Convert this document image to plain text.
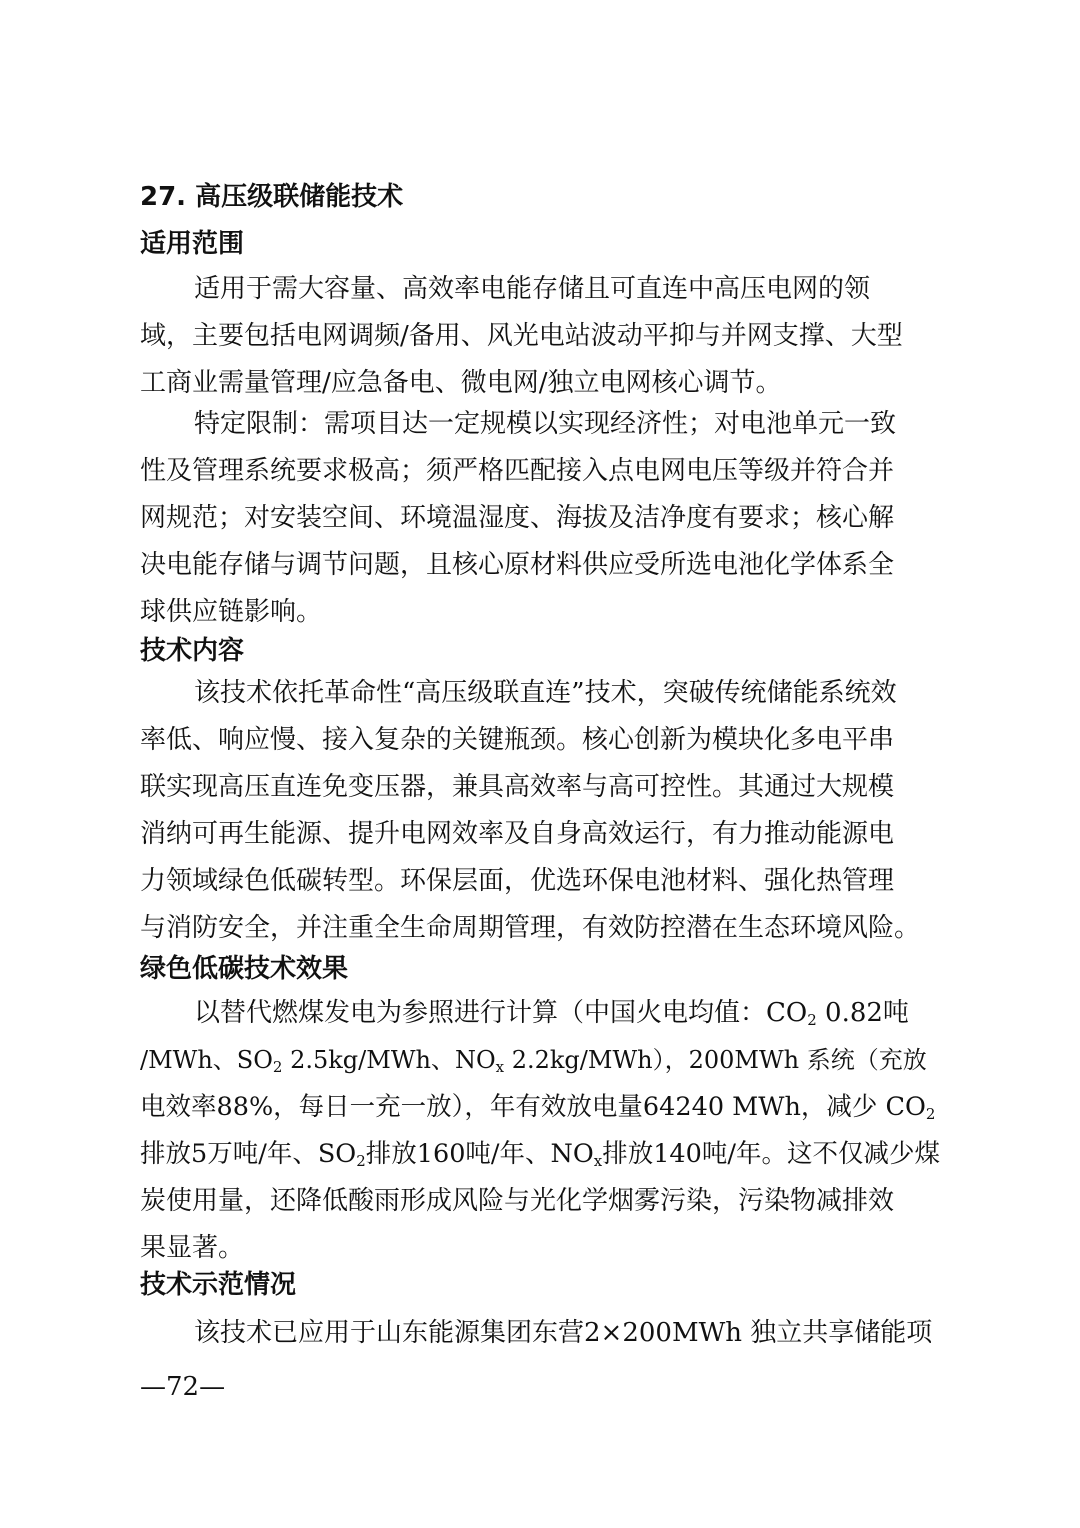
27. 高压级联储能技术
适用范围
适用于需大容量、高效率电能存储且可直连中高压电网的领
域，主要包括电网调频/备用、风光电站波动平抑与并网支撑、大型
工商业需量管理/应急备电、微电网/独立电网核心调节。
特定限制：需项目达一定规模以实现经济性；对电池单元一致
性及管理系统要求极高；须严格匹配接入点电网电压等级并符合并
网规范；对安装空间、环境温湿度、海拔及洁净度有要求；核心解
决电能存储与调节问题，且核心原材料供应受所选电池化学体系全
球供应链影响。
技术内容
该技术依托革命性“高压级联直连”技术，突破传统储能系统效
率低、响应慢、接入复杂的关键瓶颈。核心创新为模块化多电平串
联实现高压直连免变压器，兼具高效率与高可控性。其通过大规模
消纳可再生能源、提升电网效率及自身高效运行，有力推动能源电
力领域绿色低碳转型。环保层面，优选环保电池材料、强化热管理
与消防安全，并注重全生命周期管理，有效防控潜在生态环境风险。
绿色低碳技术效果
以替代燃煤发电为参照进行计算（中国火电均值：$CO_2$ 0.82吨
/MWh、$SO_2$ 2.5kg/MWh、$NO_x$ 2.2kg/MWh），200MWh 系统（充放
电效率88%，每日一充一放），年有效放电量64240 MWh，减少 $CO_2$
排放5万吨/年、$SO_2$排放160吨/年、$NO_x$排放140吨/年。这不仅减少煤
炭使用量，还降低酸雨形成风险与光化学烟雾污染，污染物减排效
果显著。
技术示范情况
该技术已应用于山东能源集团东营2×200MWh 独立共享储能项
—72—
